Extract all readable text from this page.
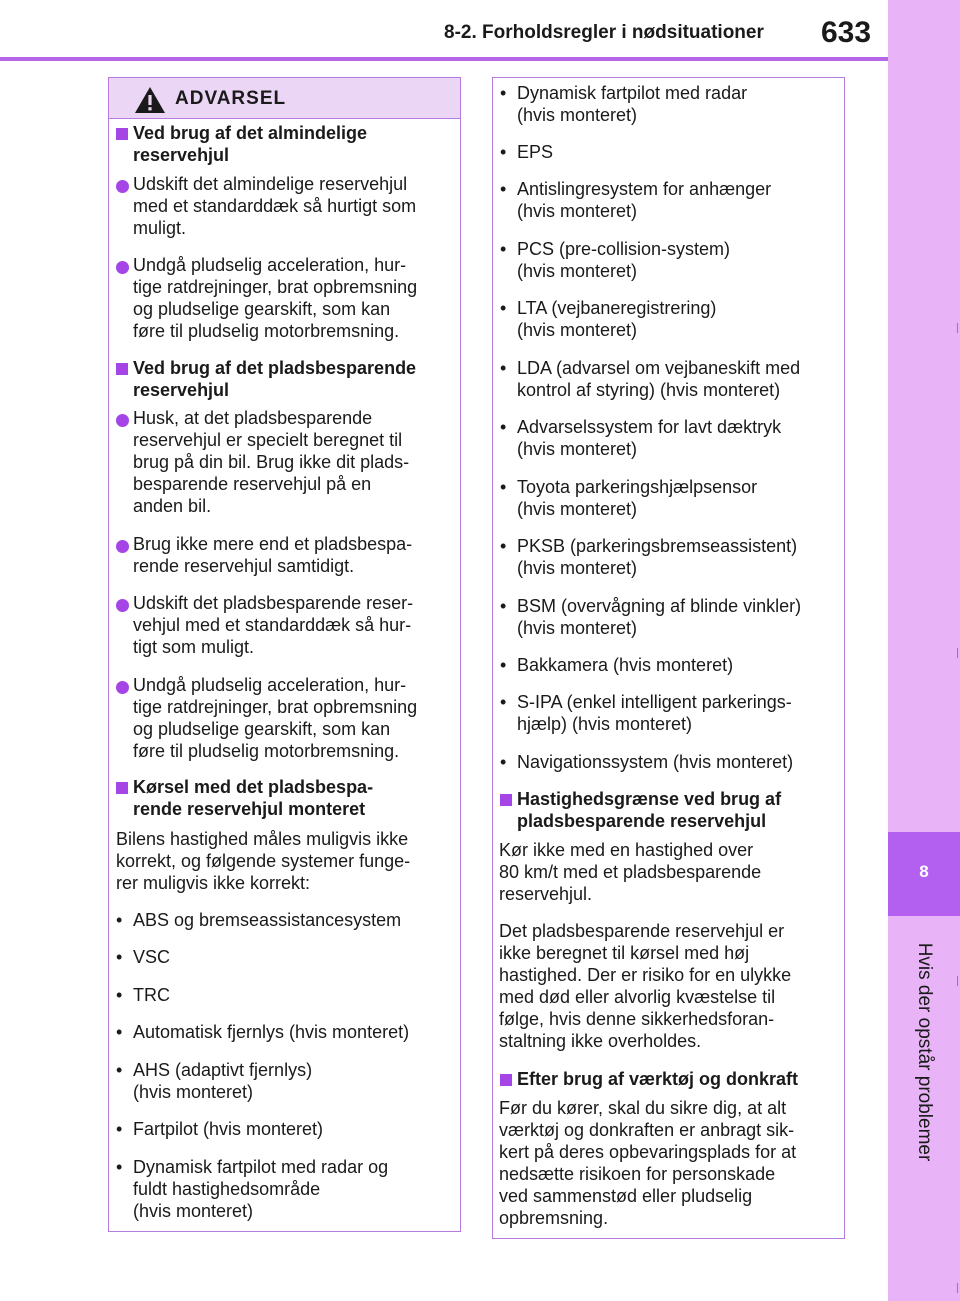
8-2. Forholdsregler i nødsituationer 633
8
Hvis der opstår problemer
ADVARSEL
Ved brug af det almindelige
reservehjul
Udskift det almindelige reservehjul
med et standarddæk så hurtigt som
muligt.
Undgå pludselig acceleration, hur-
tige ratdrejninger, brat opbremsning
og pludselige gearskift, som kan
føre til pludselig motorbremsning.
Ved brug af det pladsbesparende
reservehjul
Husk, at det pladsbesparende
reservehjul er specielt beregnet til
brug på din bil. Brug ikke dit plads-
besparende reservehjul på en
anden bil.
Brug ikke mere end et pladsbespa-
rende reservehjul samtidigt.
Udskift det pladsbesparende reser-
vehjul med et standarddæk så hur-
tigt som muligt.
Undgå pludselig acceleration, hur-
tige ratdrejninger, brat opbremsning
og pludselige gearskift, som kan
føre til pludselig motorbremsning.
Kørsel med det pladsbespa-
rende reservehjul monteret
Bilens hastighed måles muligvis ikke
korrekt, og følgende systemer funge-
rer muligvis ikke korrekt:
• ABS og bremseassistancesystem
• VSC
• TRC
• Automatisk fjernlys (hvis monteret)
• AHS (adaptivt fjernlys)
(hvis monteret)
• Fartpilot (hvis monteret)
• Dynamisk fartpilot med radar og
fuldt hastighedsområde
(hvis monteret)
• Dynamisk fartpilot med radar
(hvis monteret)
• EPS
• Antislingresystem for anhænger
(hvis monteret)
• PCS (pre-collision-system)
(hvis monteret)
• LTA (vejbaneregistrering)
(hvis monteret)
• LDA (advarsel om vejbaneskift med
kontrol af styring) (hvis monteret)
• Advarselssystem for lavt dæktryk
(hvis monteret)
• Toyota parkeringshjælpsensor
(hvis monteret)
• PKSB (parkeringsbremseassistent)
(hvis monteret)
• BSM (overvågning af blinde vinkler)
(hvis monteret)
• Bakkamera (hvis monteret)
• S-IPA (enkel intelligent parkerings-
hjælp) (hvis monteret)
• Navigationssystem (hvis monteret)
Hastighedsgrænse ved brug af
pladsbesparende reservehjul
Kør ikke med en hastighed over
80 km/t med et pladsbesparende
reservehjul.
Det pladsbesparende reservehjul er
ikke beregnet til kørsel med høj
hastighed. Der er risiko for en ulykke
med død eller alvorlig kvæstelse til
følge, hvis denne sikkerhedsforan-
staltning ikke overholdes.
Efter brug af værktøj og donkraft
Før du kører, skal du sikre dig, at alt
værktøj og donkraften er anbragt sik-
kert på deres opbevaringsplads for at
nedsætte risikoen for personskade
ved sammenstød eller pludselig
opbremsning.
